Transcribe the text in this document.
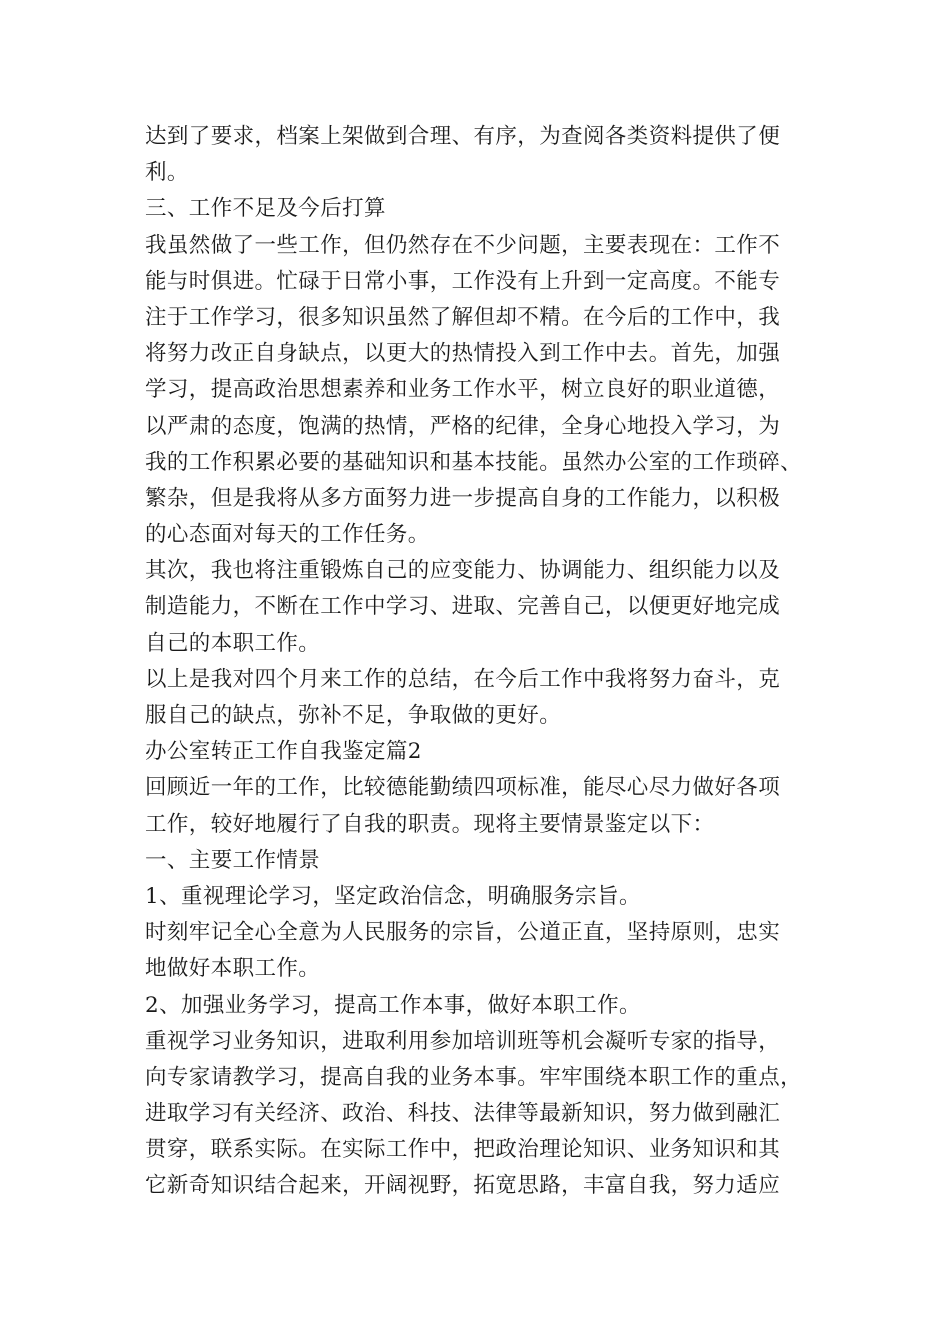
达到了要求，档案上架做到合理、有序，为查阅各类资料提供了便
利。
三、工作不足及今后打算
我虽然做了一些工作，但仍然存在不少问题，主要表现在：工作不
能与时俱进。忙碌于日常小事，工作没有上升到一定高度。不能专
注于工作学习，很多知识虽然了解但却不精。在今后的工作中，我
将努力改正自身缺点，以更大的热情投入到工作中去。首先，加强
学习，提高政治思想素养和业务工作水平，树立良好的职业道德，
以严肃的态度，饱满的热情，严格的纪律，全身心地投入学习，为
我的工作积累必要的基础知识和基本技能。虽然办公室的工作琐碎、
繁杂，但是我将从多方面努力进一步提高自身的工作能力，以积极
的心态面对每天的工作任务。
其次，我也将注重锻炼自己的应变能力、协调能力、组织能力以及
制造能力，不断在工作中学习、进取、完善自己，以便更好地完成
自己的本职工作。
以上是我对四个月来工作的总结，在今后工作中我将努力奋斗，克
服自己的缺点，弥补不足，争取做的更好。
办公室转正工作自我鉴定篇2
回顾近一年的工作，比较德能勤绩四项标准，能尽心尽力做好各项
工作，较好地履行了自我的职责。现将主要情景鉴定以下：
一、主要工作情景
1、重视理论学习，坚定政治信念，明确服务宗旨。
时刻牢记全心全意为人民服务的宗旨，公道正直，坚持原则，忠实
地做好本职工作。
2、加强业务学习，提高工作本事，做好本职工作。
重视学习业务知识，进取利用参加培训班等机会凝听专家的指导，
向专家请教学习，提高自我的业务本事。牢牢围绕本职工作的重点，
进取学习有关经济、政治、科技、法律等最新知识，努力做到融汇
贯穿，联系实际。在实际工作中，把政治理论知识、业务知识和其
它新奇知识结合起来，开阔视野，拓宽思路，丰富自我，努力适应
